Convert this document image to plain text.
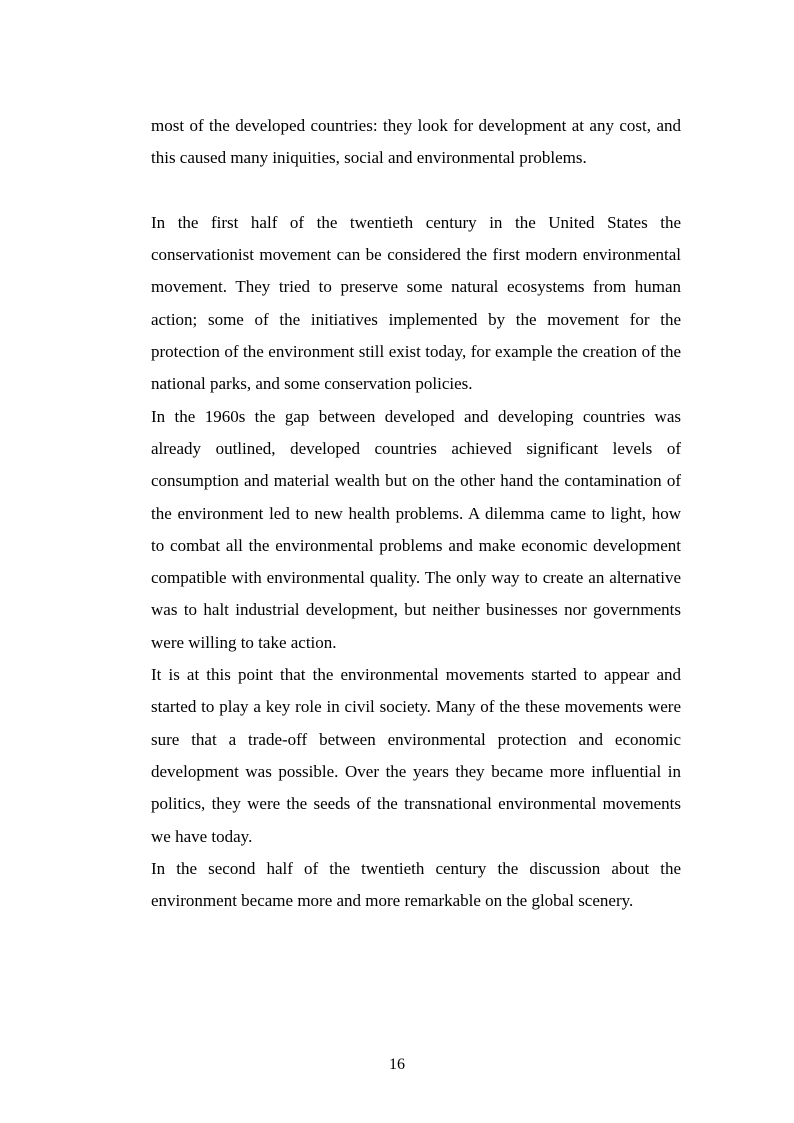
most of the developed countries: they look for development at any cost, and this caused many iniquities, social and environmental problems.

In the first half of the twentieth century in the United States the conservationist movement can be considered the first modern environmental movement. They tried to preserve some natural ecosystems from human action; some of the initiatives implemented by the movement for the protection of the environment still exist today, for example the creation of the national parks, and some conservation policies.

In the 1960s the gap between developed and developing countries was already outlined, developed countries achieved significant levels of consumption and material wealth but on the other hand the contamination of the environment led to new health problems. A dilemma came to light, how to combat all the environmental problems and make economic development compatible with environmental quality. The only way to create an alternative was to halt industrial development, but neither businesses nor governments were willing to take action.

It is at this point that the environmental movements started to appear and started to play a key role in civil society. Many of the these movements were sure that a trade-off between environmental protection and economic development was possible. Over the years they became more influential in politics, they were the seeds of the transnational environmental movements we have today.

In the second half of the twentieth century the discussion about the environment became more and more remarkable on the global scenery.

16
